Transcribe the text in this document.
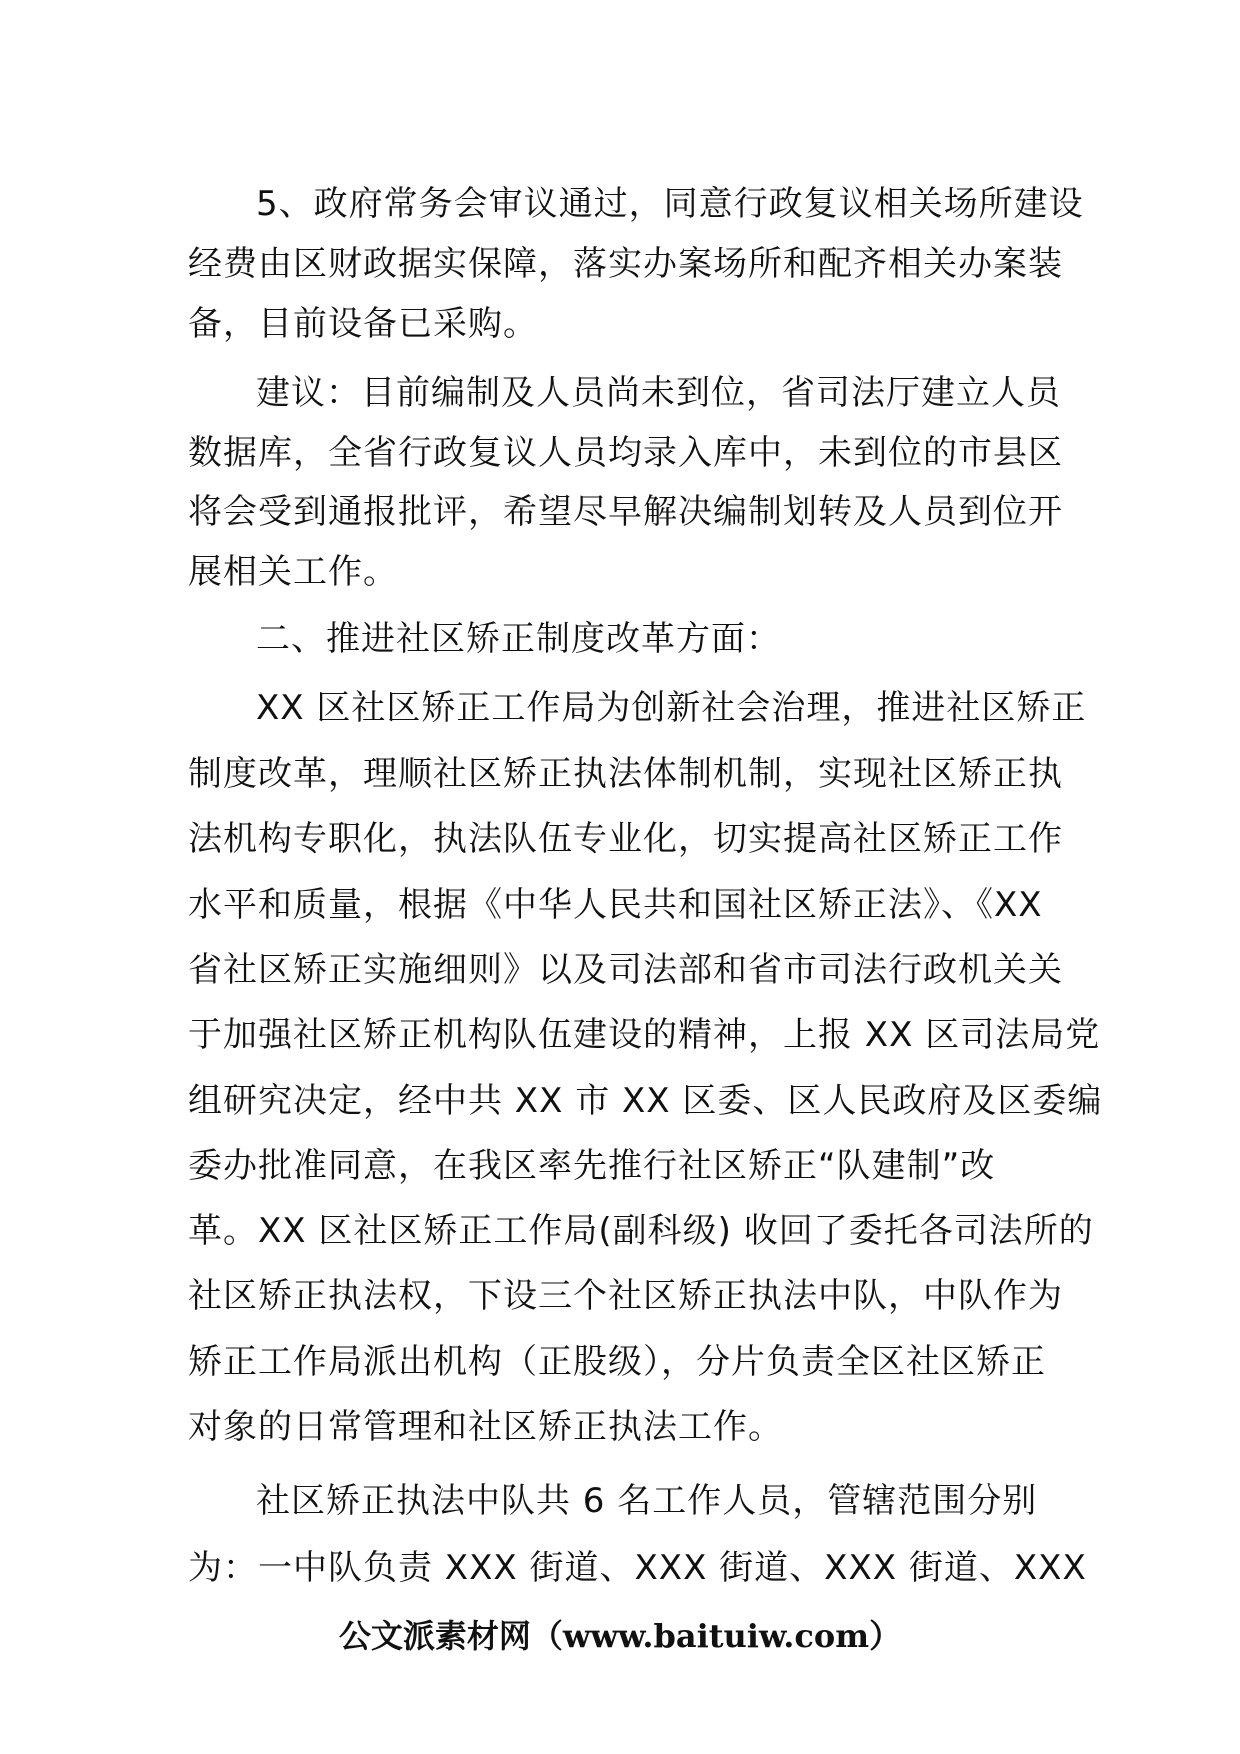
5、政府常务会审议通过，同意行政复议相关场所建设
经费由区财政据实保障，落实办案场所和配齐相关办案装
备，目前设备已采购。
建议：目前编制及人员尚未到位，省司法厅建立人员
数据库，全省行政复议人员均录入库中，未到位的市县区
将会受到通报批评，希望尽早解决编制划转及人员到位开
展相关工作。
二、推进社区矫正制度改革方面：
XX 区社区矫正工作局为创新社会治理，推进社区矫正
制度改革，理顺社区矫正执法体制机制，实现社区矫正执
法机构专职化，执法队伍专业化，切实提高社区矫正工作
水平和质量，根据《中华人民共和国社区矫正法》、《XX
省社区矫正实施细则》以及司法部和省市司法行政机关关
于加强社区矫正机构队伍建设的精神，上报 XX 区司法局党
组研究决定，经中共 XX 市 XX 区委、区人民政府及区委编
委办批准同意，在我区率先推行社区矫正“队建制”改
革。XX 区社区矫正工作局(副科级) 收回了委托各司法所的
社区矫正执法权，下设三个社区矫正执法中队，中队作为
矫正工作局派出机构（正股级），分片负责全区社区矫正
对象的日常管理和社区矫正执法工作。
社区矫正执法中队共 6 名工作人员，管辖范围分别
为：一中队负责 XXX 街道、XXX 街道、XXX 街道、XXX
公文派素材网（www.baituiw.com）
